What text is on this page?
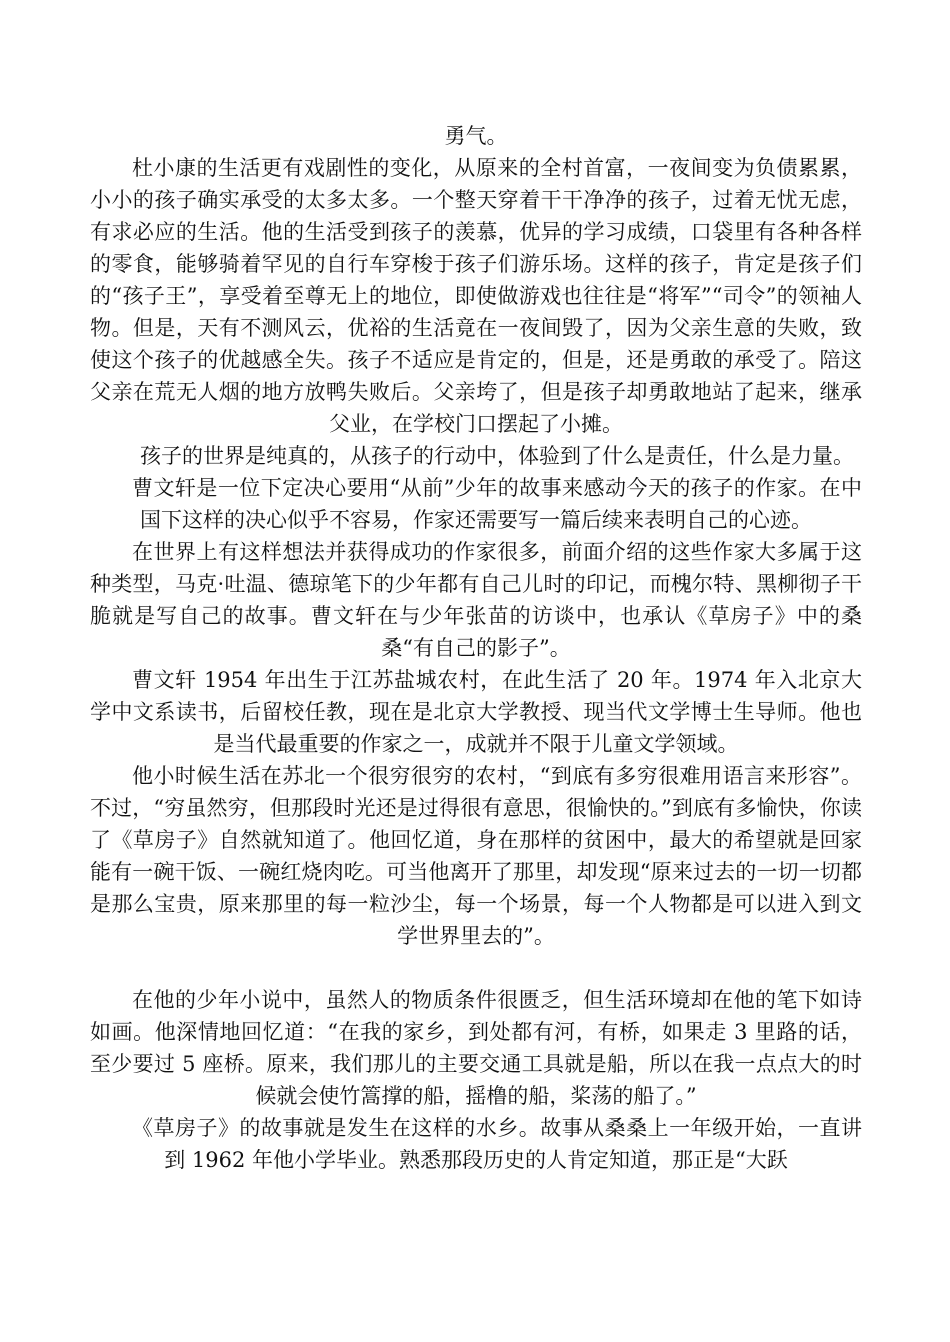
勇气。

杜小康的生活更有戏剧性的变化，从原来的全村首富，一夜间变为负债累累，小小的孩子确实承受的太多太多。一个整天穿着干干净净的孩子，过着无忧无虑，有求必应的生活。他的生活受到孩子的羡慕，优异的学习成绩，口袋里有各种各样的零食，能够骑着罕见的自行车穿梭于孩子们游乐场。这样的孩子，肯定是孩子们的“孩子王”，享受着至尊无上的地位，即使做游戏也往往是“将军”“司令”的领袖人物。但是，天有不测风云，优裕的生活竟在一夜间毁了，因为父亲生意的失败，致使这个孩子的优越感全失。孩子不适应是肯定的，但是，还是勇敢的承受了。陪这父亲在荒无人烟的地方放鸭失败后。父亲垮了，但是孩子却勇敢地站了起来，继承父业，在学校门口摆起了小摊。

孩子的世界是纯真的，从孩子的行动中，体验到了什么是责任，什么是力量。

曹文轩是一位下定决心要用“从前”少年的故事来感动今天的孩子的作家。在中国下这样的决心似乎不容易，作家还需要写一篇后续来表明自己的心迹。

在世界上有这样想法并获得成功的作家很多，前面介绍的这些作家大多属于这种类型，马克·吐温、德琼笔下的少年都有自己儿时的印记，而槐尔特、黑柳彻子干脆就是写自己的故事。曹文轩在与少年张苗的访谈中，也承认《草房子》中的桑桑“有自己的影子”。

曹文轩 1954 年出生于江苏盐城农村，在此生活了 20 年。1974 年入北京大学中文系读书，后留校任教，现在是北京大学教授、现当代文学博士生导师。他也是当代最重要的作家之一，成就并不限于儿童文学领域。

他小时候生活在苏北一个很穷很穷的农村，“到底有多穷很难用语言来形容”。不过，“穷虽然穷，但那段时光还是过得很有意思，很愉快的。”到底有多愉快，你读了《草房子》自然就知道了。他回忆道，身在那样的贫困中，最大的希望就是回家能有一碗干饭、一碗红烧肉吃。可当他离开了那里，却发现“原来过去的一切一切都是那么宝贵，原来那里的每一粒沙尘，每一个场景，每一个人物都是可以进入到文学世界里去的”。

在他的少年小说中，虽然人的物质条件很匮乏，但生活环境却在他的笔下如诗如画。他深情地回忆道：“在我的家乡，到处都有河，有桥，如果走 3 里路的话，至少要过 5 座桥。原来，我们那儿的主要交通工具就是船，所以在我一点点大的时候就会使竹篙撑的船，摇橹的船，桨荡的船了。”

《草房子》的故事就是发生在这样的水乡。故事从桑桑上一年级开始，一直讲到 1962 年他小学毕业。熟悉那段历史的人肯定知道，那正是“大跃
